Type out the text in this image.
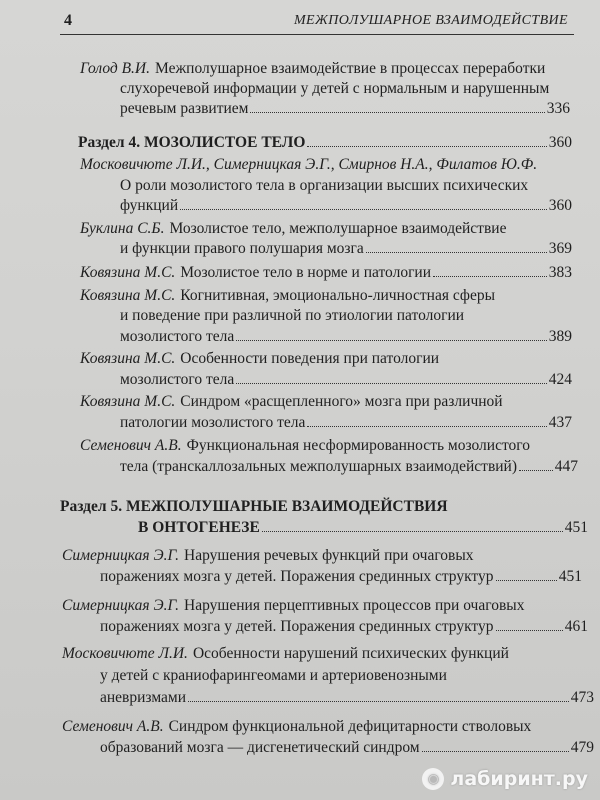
4	МЕЖПОЛУШАРНОЕ ВЗАИМОДЕЙСТВИЕ
Голод В.И. Межполушарное взаимодействие в процессах переработки
слухоречевой информации у детей с нормальным и нарушенным
речевым развитием	336
Раздел 4. МОЗОЛИСТОЕ ТЕЛО	360
Московичюте Л.И., Симерницкая Э.Г., Смирнов Н.А., Филатов Ю.Ф.
О роли мозолистого тела в организации высших психических
функций	360
Буклина С.Б. Мозолистое тело, межполушарное взаимодействие
и функции правого полушария мозга	369
Ковязина М.С. Мозолистое тело в норме и патологии	383
Ковязина М.С. Когнитивная, эмоционально-личностная сферы
и поведение при различной по этиологии патологии
мозолистого тела	389
Ковязина М.С. Особенности поведения при патологии
мозолистого тела	424
Ковязина М.С. Синдром «расщепленного» мозга при различной
патологии мозолистого тела	437
Семенович А.В. Функциональная несформированность мозолистого
тела (транскаллозальных межполушарных взаимодействий) 447
Раздел 5. МЕЖПОЛУШАРНЫЕ ВЗАИМОДЕЙСТВИЯ
В ОНТОГЕНЕЗЕ	451
Симерницкая Э.Г. Нарушения речевых функций при очаговых
поражениях мозга у детей. Поражения срединных структур	451
Симерницкая Э.Г. Нарушения перцептивных процессов при очаговых
поражениях мозга у детей. Поражения срединных структур	461
Московичюте Л.И. Особенности нарушений психических функций
у детей с краниофарингеомами и артериовенозными
аневризмами	473
Семенович А.В. Синдром функциональной дефицитарности стволовых
образований мозга — дисгенетический синдром	479
◉ лабиринт.ру
